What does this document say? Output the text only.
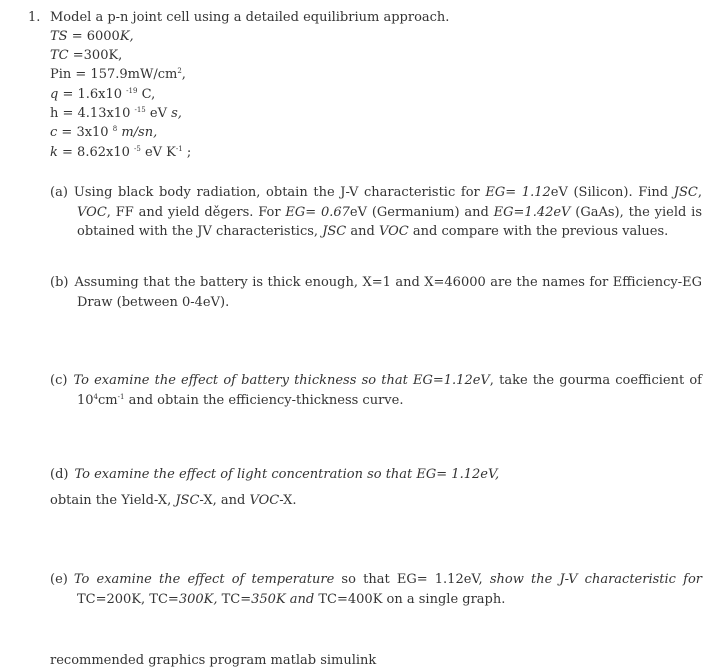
1. Model a p-n joint cell using a detailed equilibrium approach.
TS = 6000K,
TC =300K,
Pin = $157.9mW/cm^2$,
q = 1.6x10 $^{-19}$ C,
h = 4.13x10 $^{-15}$ eV s,
c = 3x10 $^8$ m/sn,
k = 8.62x10 $^{-5}$ eV $K^{-1}$ ;
(a) Using black body radiation, obtain the J-V characteristic for EG= 1.12eV (Silicon). Find JSC, VOC, FF and yield děgers. For EG= 0.67eV (Germanium) and EG=1.42eV (GaAs), the yield is obtained with the JV characteristics, JSC and VOC and compare with the previous values.
(b) Assuming that the battery is thick enough, X=1 and X=46000 are the names for Efficiency-EG Draw (between 0-4eV).
(c) To examine the effect of battery thickness so that EG=1.12eV, take the gourma coefficient of $10^4cm^{-1}$ and obtain the efficiency-thickness curve.
(d) To examine the effect of light concentration so that EG= 1.12eV,
obtain the Yield-X, JSC-X, and VOC-X.
(e) To examine the effect of temperature so that EG= 1.12eV, show the J-V characteristic for TC=200K, TC=300K, TC=350K and TC=400K on a single graph.
recommended graphics program matlab simulink
